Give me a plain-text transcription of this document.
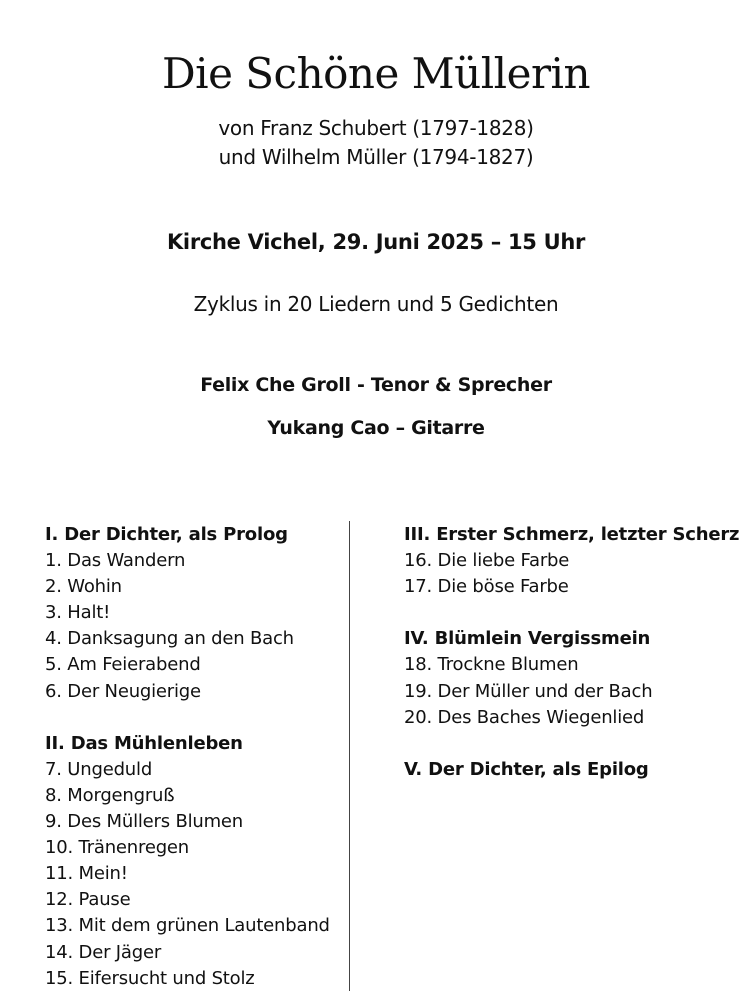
Die Schöne Müllerin
von Franz Schubert (1797-1828)
und Wilhelm Müller (1794-1827)
Kirche Vichel, 29. Juni 2025 – 15 Uhr
Zyklus in 20 Liedern und 5 Gedichten
Felix Che Groll - Tenor & Sprecher
Yukang Cao – Gitarre
I. Der Dichter, als Prolog
1. Das Wandern
2. Wohin
3. Halt!
4. Danksagung an den Bach
5. Am Feierabend
6. Der Neugierige
II. Das Mühlenleben
7. Ungeduld
8. Morgengruß
9. Des Müllers Blumen
10. Tränenregen
11. Mein!
12. Pause
13. Mit dem grünen Lautenband
14. Der Jäger
15. Eifersucht und Stolz
III. Erster Schmerz, letzter Scherz
16. Die liebe Farbe
17. Die böse Farbe
IV. Blümlein Vergissmein
18. Trockne Blumen
19. Der Müller und der Bach
20. Des Baches Wiegenlied
V. Der Dichter, als Epilog
